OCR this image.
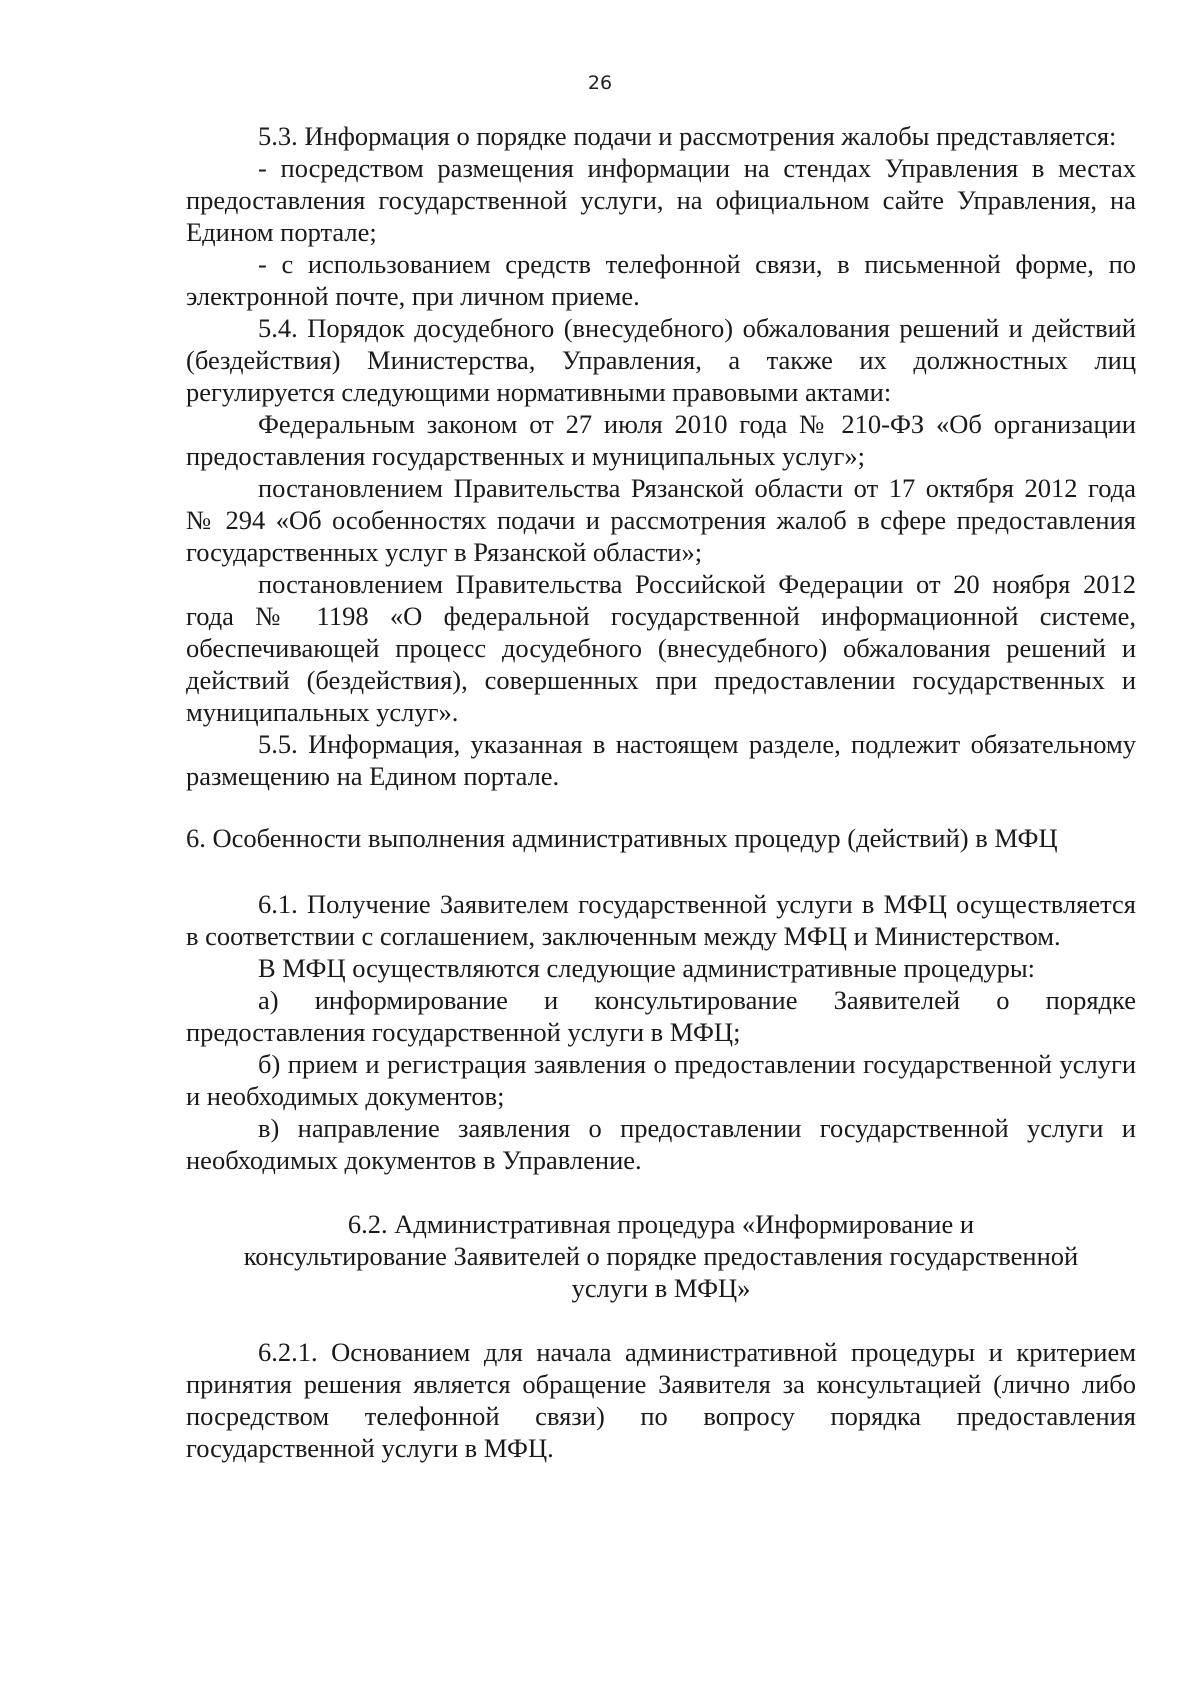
26

5.3. Информация о порядке подачи и рассмотрения жалобы представляется:

- посредством размещения информации на стендах Управления в местах предоставления государственной услуги, на официальном сайте Управления, на Едином портале;

- с использованием средств телефонной связи, в письменной форме, по электронной почте, при личном приеме.

5.4. Порядок досудебного (внесудебного) обжалования решений и действий (бездействия) Министерства, Управления, а также их должностных лиц регулируется следующими нормативными правовыми актами:

Федеральным законом от 27 июля 2010 года № 210-ФЗ «Об организации предоставления государственных и муниципальных услуг»;

постановлением Правительства Рязанской области от 17 октября 2012 года № 294 «Об особенностях подачи и рассмотрения жалоб в сфере предоставления государственных услуг в Рязанской области»;

постановлением Правительства Российской Федерации от 20 ноября 2012 года № 1198 «О федеральной государственной информационной системе, обеспечивающей процесс досудебного (внесудебного) обжалования решений и действий (бездействия), совершенных при предоставлении государственных и муниципальных услуг».

5.5. Информация, указанная в настоящем разделе, подлежит обязательному размещению на Едином портале.

6. Особенности выполнения административных процедур (действий) в МФЦ

6.1. Получение Заявителем государственной услуги в МФЦ осуществляется в соответствии с соглашением, заключенным между МФЦ и Министерством.

В МФЦ осуществляются следующие административные процедуры:

а) информирование и консультирование Заявителей о порядке предоставления государственной услуги в МФЦ;

б) прием и регистрация заявления о предоставлении государственной услуги и необходимых документов;

в) направление заявления о предоставлении государственной услуги и необходимых документов в Управление.

6.2. Административная процедура «Информирование и
консультирование Заявителей о порядке предоставления государственной
услуги в МФЦ»

6.2.1. Основанием для начала административной процедуры и критерием принятия решения является обращение Заявителя за консультацией (лично либо посредством телефонной связи) по вопросу порядка предоставления государственной услуги в МФЦ.
